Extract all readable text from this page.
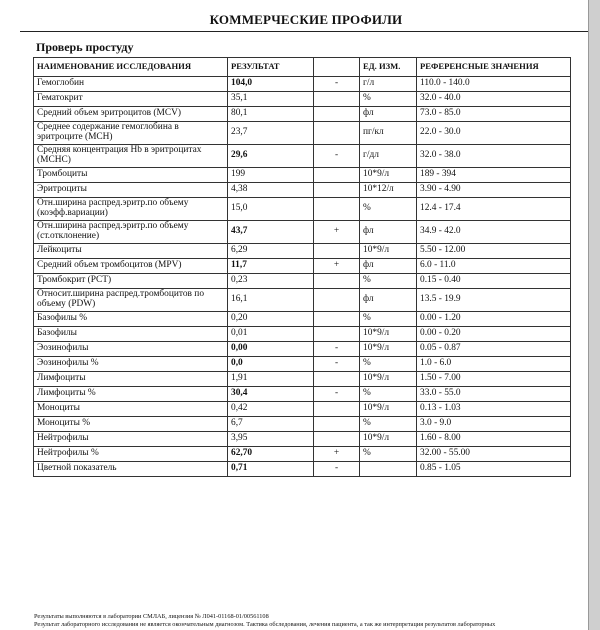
КОММЕРЧЕСКИЕ ПРОФИЛИ
Проверь простуду
НАИМЕНОВАНИЕ ИССЛЕДОВАНИЯ	РЕЗУЛЬТАТ		ЕД. ИЗМ.	РЕФЕРЕНСНЫЕ ЗНАЧЕНИЯ
Гемоглобин	104,0	-	г/л	110.0 - 140.0
Гематокрит	35,1		%	32.0 - 40.0
Средний объем эритроцитов (MCV)	80,1		фл	73.0 - 85.0
Среднее содержание гемоглобина в эритроците (MCH)	23,7		пг/кл	22.0 - 30.0
Средняя концентрация Hb в эритроцитах (MCHC)	29,6	-	г/дл	32.0 - 38.0
Тромбоциты	199		10*9/л	189 - 394
Эритроциты	4,38		10*12/л	3.90 - 4.90
Отн.ширина распред.эритр.по объему (коэфф.вариации)	15,0		%	12.4 - 17.4
Отн.ширина распред.эритр.по объему (ст.отклонение)	43,7	+	фл	34.9 - 42.0
Лейкоциты	6,29		10*9/л	5.50 - 12.00
Средний объем тромбоцитов (MPV)	11,7	+	фл	6.0 - 11.0
Тромбокрит (PCT)	0,23		%	0.15 - 0.40
Относит.ширина распред.тромбоцитов по объему (PDW)	16,1		фл	13.5 - 19.9
Базофилы %	0,20		%	0.00 - 1.20
Базофилы	0,01		10*9/л	0.00 - 0.20
Эозинофилы	0,00	-	10*9/л	0.05 - 0.87
Эозинофилы %	0,0	-	%	1.0 - 6.0
Лимфоциты	1,91		10*9/л	1.50 - 7.00
Лимфоциты %	30,4	-	%	33.0 - 55.0
Моноциты	0,42		10*9/л	0.13 - 1.03
Моноциты %	6,7		%	3.0 - 9.0
Нейтрофилы	3,95		10*9/л	1.60 - 8.00
Нейтрофилы %	62,70	+	%	32.00 - 55.00
Цветной показатель	0,71	-		0.85 - 1.05
Результаты выполняются в лаборатории СМЛАБ, лицензия № Л041-01168-01/00561108
Результат лабораторного исследования не является окончательным диагнозом. Тактика обследования, лечения пациента, а так же интерпретация результатов лабораторных
